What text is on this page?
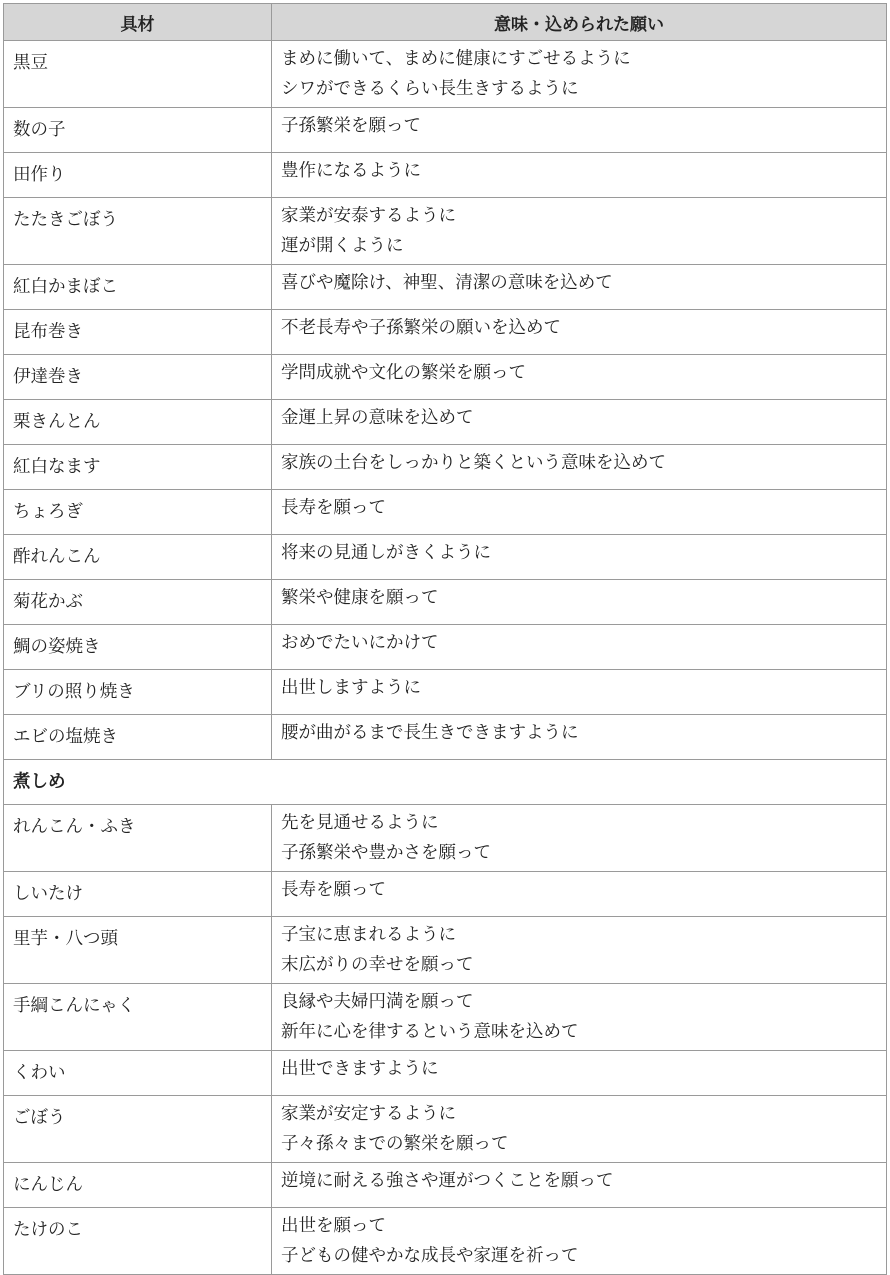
具材	意味・込められた願い
黒豆	まめに働いて、まめに健康にすごせるように
シワができるくらい長生きするように

数の子	子孫繁栄を願って

田作り	豊作になるように

たたきごぼう	家業が安泰するように
運が開くように

紅白かまぼこ	喜びや魔除け、神聖、清潔の意味を込めて

昆布巻き	不老長寿や子孫繁栄の願いを込めて

伊達巻き	学問成就や文化の繁栄を願って

栗きんとん	金運上昇の意味を込めて

紅白なます	家族の土台をしっかりと築くという意味を込めて

ちょろぎ	長寿を願って

酢れんこん	将来の見通しがきくように

菊花かぶ	繁栄や健康を願って

鯛の姿焼き	おめでたいにかけて

ブリの照り焼き	出世しますように

エビの塩焼き	腰が曲がるまで長生きできますように

煮しめ	
れんこん・ふき	先を見通せるように
子孫繁栄や豊かさを願って

しいたけ	長寿を願って

里芋・八つ頭	子宝に恵まれるように
末広がりの幸せを願って

手綱こんにゃく	良縁や夫婦円満を願って
新年に心を律するという意味を込めて

くわい	出世できますように

ごぼう	家業が安定するように
子々孫々までの繁栄を願って

にんじん	逆境に耐える強さや運がつくことを願って

たけのこ	出世を願って
子どもの健やかな成長や家運を祈って
